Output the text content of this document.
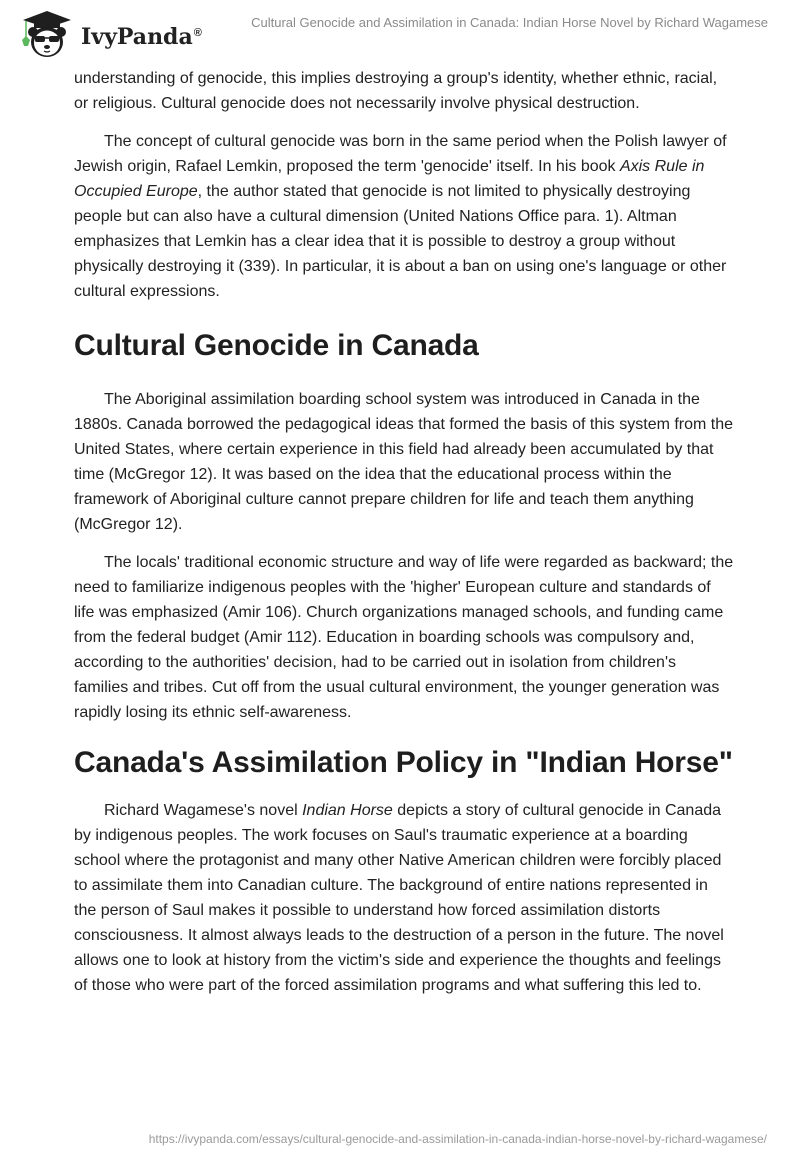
IvyPanda®
Cultural Genocide and Assimilation in Canada: Indian Horse Novel by Richard Wagamese

understanding of genocide, this implies destroying a group's identity, whether ethnic, racial, or religious. Cultural genocide does not necessarily involve physical destruction.

The concept of cultural genocide was born in the same period when the Polish lawyer of Jewish origin, Rafael Lemkin, proposed the term 'genocide' itself. In his book Axis Rule in Occupied Europe, the author stated that genocide is not limited to physically destroying people but can also have a cultural dimension (United Nations Office para. 1). Altman emphasizes that Lemkin has a clear idea that it is possible to destroy a group without physically destroying it (339). In particular, it is about a ban on using one's language or other cultural expressions.

Cultural Genocide in Canada

The Aboriginal assimilation boarding school system was introduced in Canada in the 1880s. Canada borrowed the pedagogical ideas that formed the basis of this system from the United States, where certain experience in this field had already been accumulated by that time (McGregor 12). It was based on the idea that the educational process within the framework of Aboriginal culture cannot prepare children for life and teach them anything (McGregor 12).

The locals' traditional economic structure and way of life were regarded as backward; the need to familiarize indigenous peoples with the 'higher' European culture and standards of life was emphasized (Amir 106). Church organizations managed schools, and funding came from the federal budget (Amir 112). Education in boarding schools was compulsory and, according to the authorities' decision, had to be carried out in isolation from children's families and tribes. Cut off from the usual cultural environment, the younger generation was rapidly losing its ethnic self-awareness.

Canada's Assimilation Policy in "Indian Horse"

Richard Wagamese's novel Indian Horse depicts a story of cultural genocide in Canada by indigenous peoples. The work focuses on Saul's traumatic experience at a boarding school where the protagonist and many other Native American children were forcibly placed to assimilate them into Canadian culture. The background of entire nations represented in the person of Saul makes it possible to understand how forced assimilation distorts consciousness. It almost always leads to the destruction of a person in the future. The novel allows one to look at history from the victim's side and experience the thoughts and feelings of those who were part of the forced assimilation programs and what suffering this led to.

https://ivypanda.com/essays/cultural-genocide-and-assimilation-in-canada-indian-horse-novel-by-richard-wagamese/
